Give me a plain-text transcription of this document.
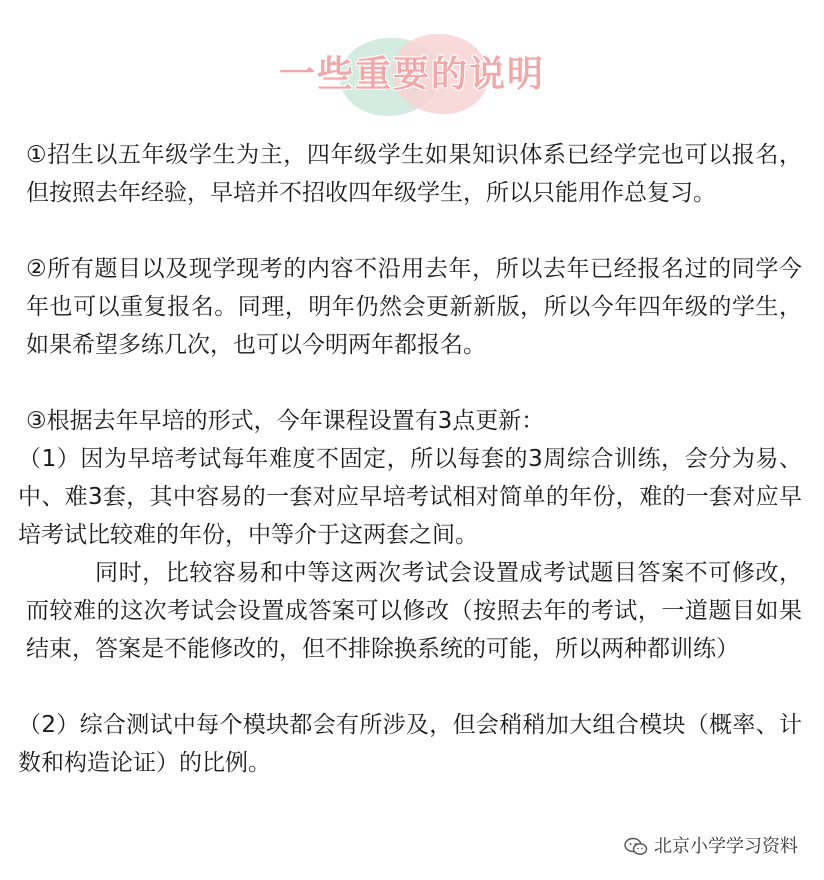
一些重要的说明

①招生以五年级学生为主，四年级学生如果知识体系已经学完也可以报名，但按照去年经验，早培并不招收四年级学生，所以只能用作总复习。

②所有题目以及现学现考的内容不沿用去年，所以去年已经报名过的同学今年也可以重复报名。同理，明年仍然会更新新版，所以今年四年级的学生，如果希望多练几次，也可以今明两年都报名。

③根据去年早培的形式，今年课程设置有3点更新：

（1）因为早培考试每年难度不固定，所以每套的3周综合训练，会分为易、中、难3套，其中容易的一套对应早培考试相对简单的年份，难的一套对应早培考试比较难的年份，中等介于这两套之间。

同时，比较容易和中等这两次考试会设置成考试题目答案不可修改，而较难的这次考试会设置成答案可以修改（按照去年的考试，一道题目如果结束，答案是不能修改的，但不排除换系统的可能，所以两种都训练）

（2）综合测试中每个模块都会有所涉及，但会稍稍加大组合模块（概率、计数和构造论证）的比例。

北京小学学习资料
